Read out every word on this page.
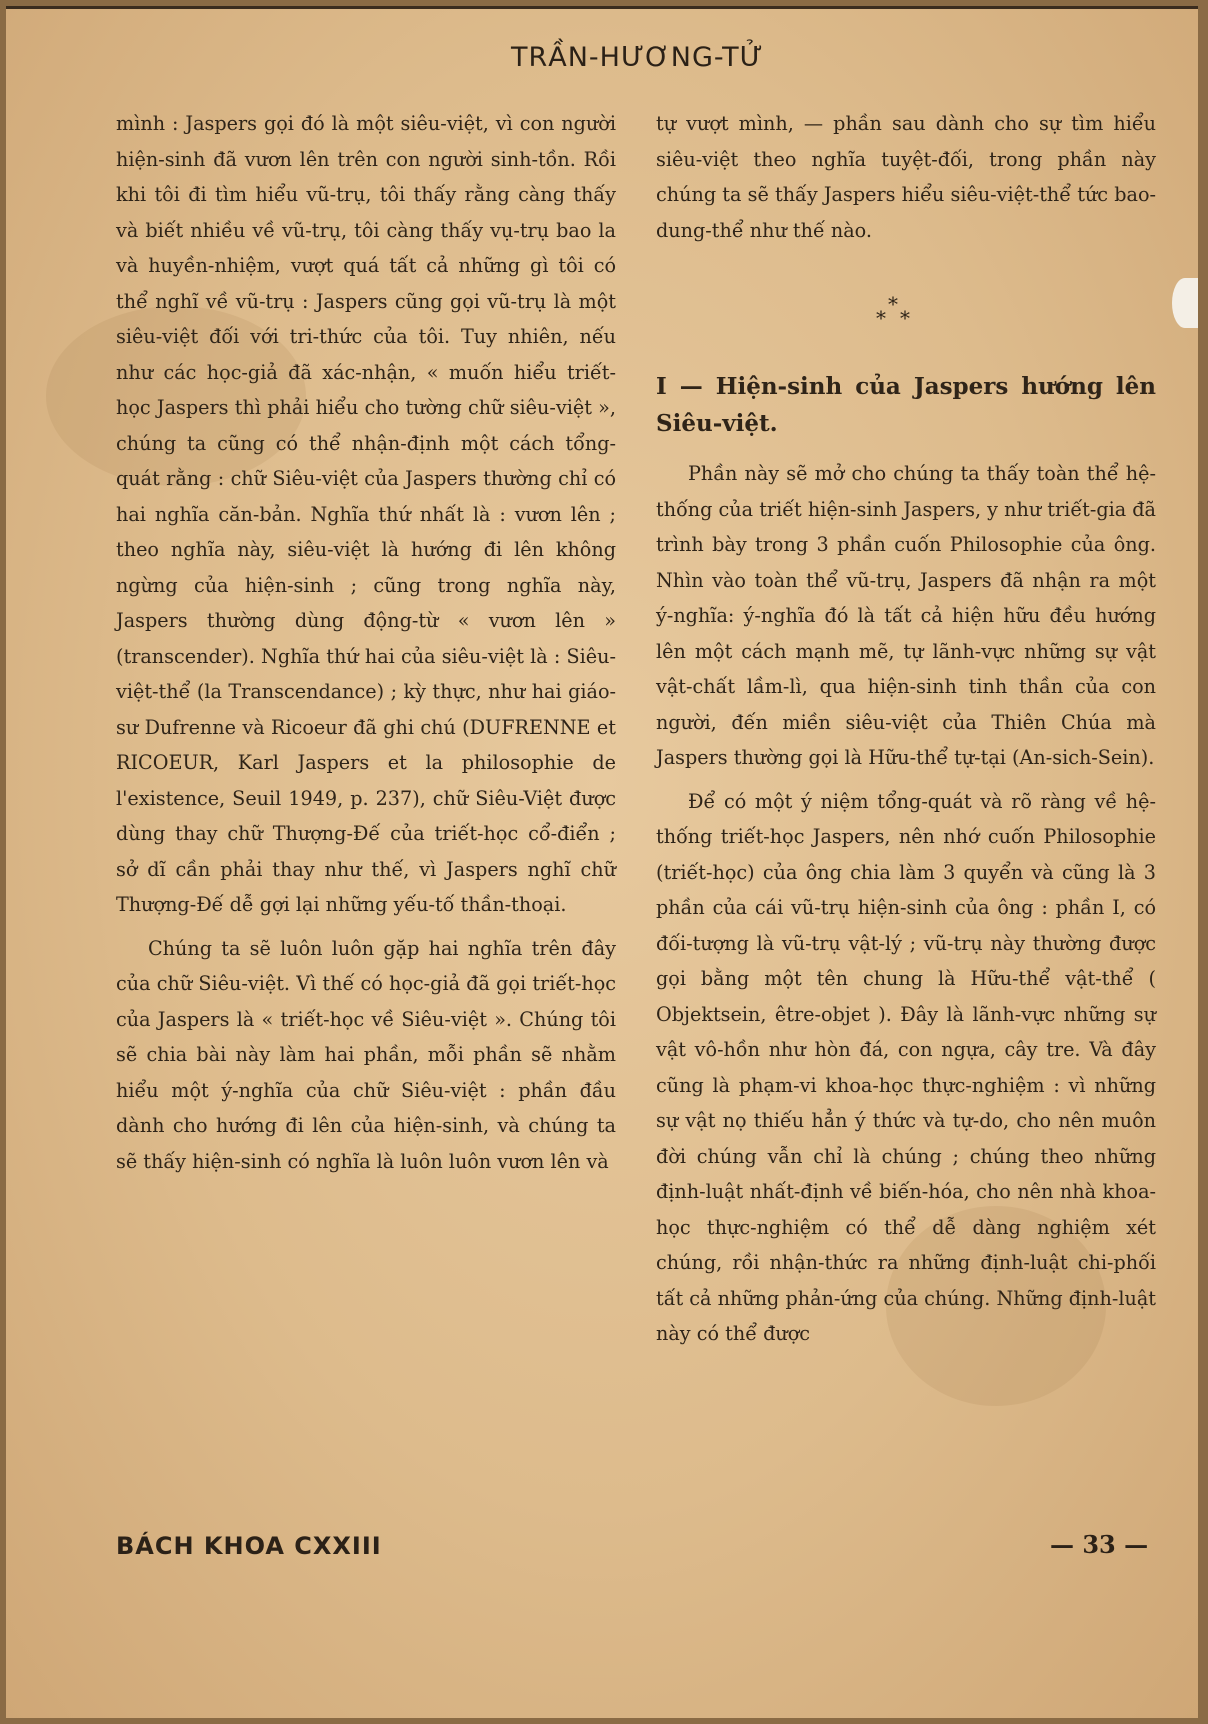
TRẦN-HƯƠNG-TỬ

mình : Jaspers gọi đó là một siêu-việt, vì con người hiện-sinh đã vươn lên trên con người sinh-tồn. Rồi khi tôi đi tìm hiểu vũ-trụ, tôi thấy rằng càng thấy và biết nhiều về vũ-trụ, tôi càng thấy vụ-trụ bao la và huyền-nhiệm, vượt quá tất cả những gì tôi có thể nghĩ về vũ-trụ : Jaspers cũng gọi vũ-trụ là một siêu-việt đối với tri-thức của tôi. Tuy nhiên, nếu như các học-giả đã xác-nhận, « muốn hiểu triết-học Jaspers thì phải hiểu cho tường chữ siêu-việt », chúng ta cũng có thể nhận-định một cách tổng-quát rằng : chữ Siêu-việt của Jaspers thường chỉ có hai nghĩa căn-bản. Nghĩa thứ nhất là : vươn lên ; theo nghĩa này, siêu-việt là hướng đi lên không ngừng của hiện-sinh ; cũng trong nghĩa này, Jaspers thường dùng động-từ « vươn lên » (transcender). Nghĩa thứ hai của siêu-việt là : Siêu-việt-thể (la Transcendance) ; kỳ thực, như hai giáo-sư Dufrenne và Ricoeur đã ghi chú (DUFRENNE et RICOEUR, Karl Jaspers et la philosophie de l'existence, Seuil 1949, p. 237), chữ Siêu-Việt được dùng thay chữ Thượng-Đế của triết-học cổ-điển ; sở dĩ cần phải thay như thế, vì Jaspers nghĩ chữ Thượng-Đế dễ gợi lại những yếu-tố thần-thoại.

Chúng ta sẽ luôn luôn gặp hai nghĩa trên đây của chữ Siêu-việt. Vì thế có học-giả đã gọi triết-học của Jaspers là « triết-học về Siêu-việt ». Chúng tôi sẽ chia bài này làm hai phần, mỗi phần sẽ nhằm hiểu một ý-nghĩa của chữ Siêu-việt : phần đầu dành cho hướng đi lên của hiện-sinh, và chúng ta sẽ thấy hiện-sinh có nghĩa là luôn luôn vươn lên và

tự vượt mình, — phần sau dành cho sự tìm hiểu siêu-việt theo nghĩa tuyệt-đối, trong phần này chúng ta sẽ thấy Jaspers hiểu siêu-việt-thể tức bao-dung-thể như thế nào.

*
* *
I — Hiện-sinh của Jaspers hướng lên Siêu-việt.

Phần này sẽ mở cho chúng ta thấy toàn thể hệ-thống của triết hiện-sinh Jaspers, y như triết-gia đã trình bày trong 3 phần cuốn Philosophie của ông. Nhìn vào toàn thể vũ-trụ, Jaspers đã nhận ra một ý-nghĩa: ý-nghĩa đó là tất cả hiện hữu đều hướng lên một cách mạnh mẽ, tự lãnh-vực những sự vật vật-chất lầm-lì, qua hiện-sinh tinh thần của con người, đến miền siêu-việt của Thiên Chúa mà Jaspers thường gọi là Hữu-thể tự-tại (An-sich-Sein).

Để có một ý niệm tổng-quát và rõ ràng về hệ-thống triết-học Jaspers, nên nhớ cuốn Philosophie (triết-học) của ông chia làm 3 quyển và cũng là 3 phần của cái vũ-trụ hiện-sinh của ông : phần I, có đối-tượng là vũ-trụ vật-lý ; vũ-trụ này thường được gọi bằng một tên chung là Hữu-thể vật-thể ( Objektsein, être-objet ). Đây là lãnh-vực những sự vật vô-hồn như hòn đá, con ngựa, cây tre. Và đây cũng là phạm-vi khoa-học thực-nghiệm : vì những sự vật nọ thiếu hẳn ý thức và tự-do, cho nên muôn đời chúng vẫn chỉ là chúng ; chúng theo những định-luật nhất-định về biến-hóa, cho nên nhà khoa-học thực-nghiệm có thể dễ dàng nghiệm xét chúng, rồi nhận-thức ra những định-luật chi-phối tất cả những phản-ứng của chúng. Những định-luật này có thể được

BÁCH KHOA CXXIII	— 33 —
